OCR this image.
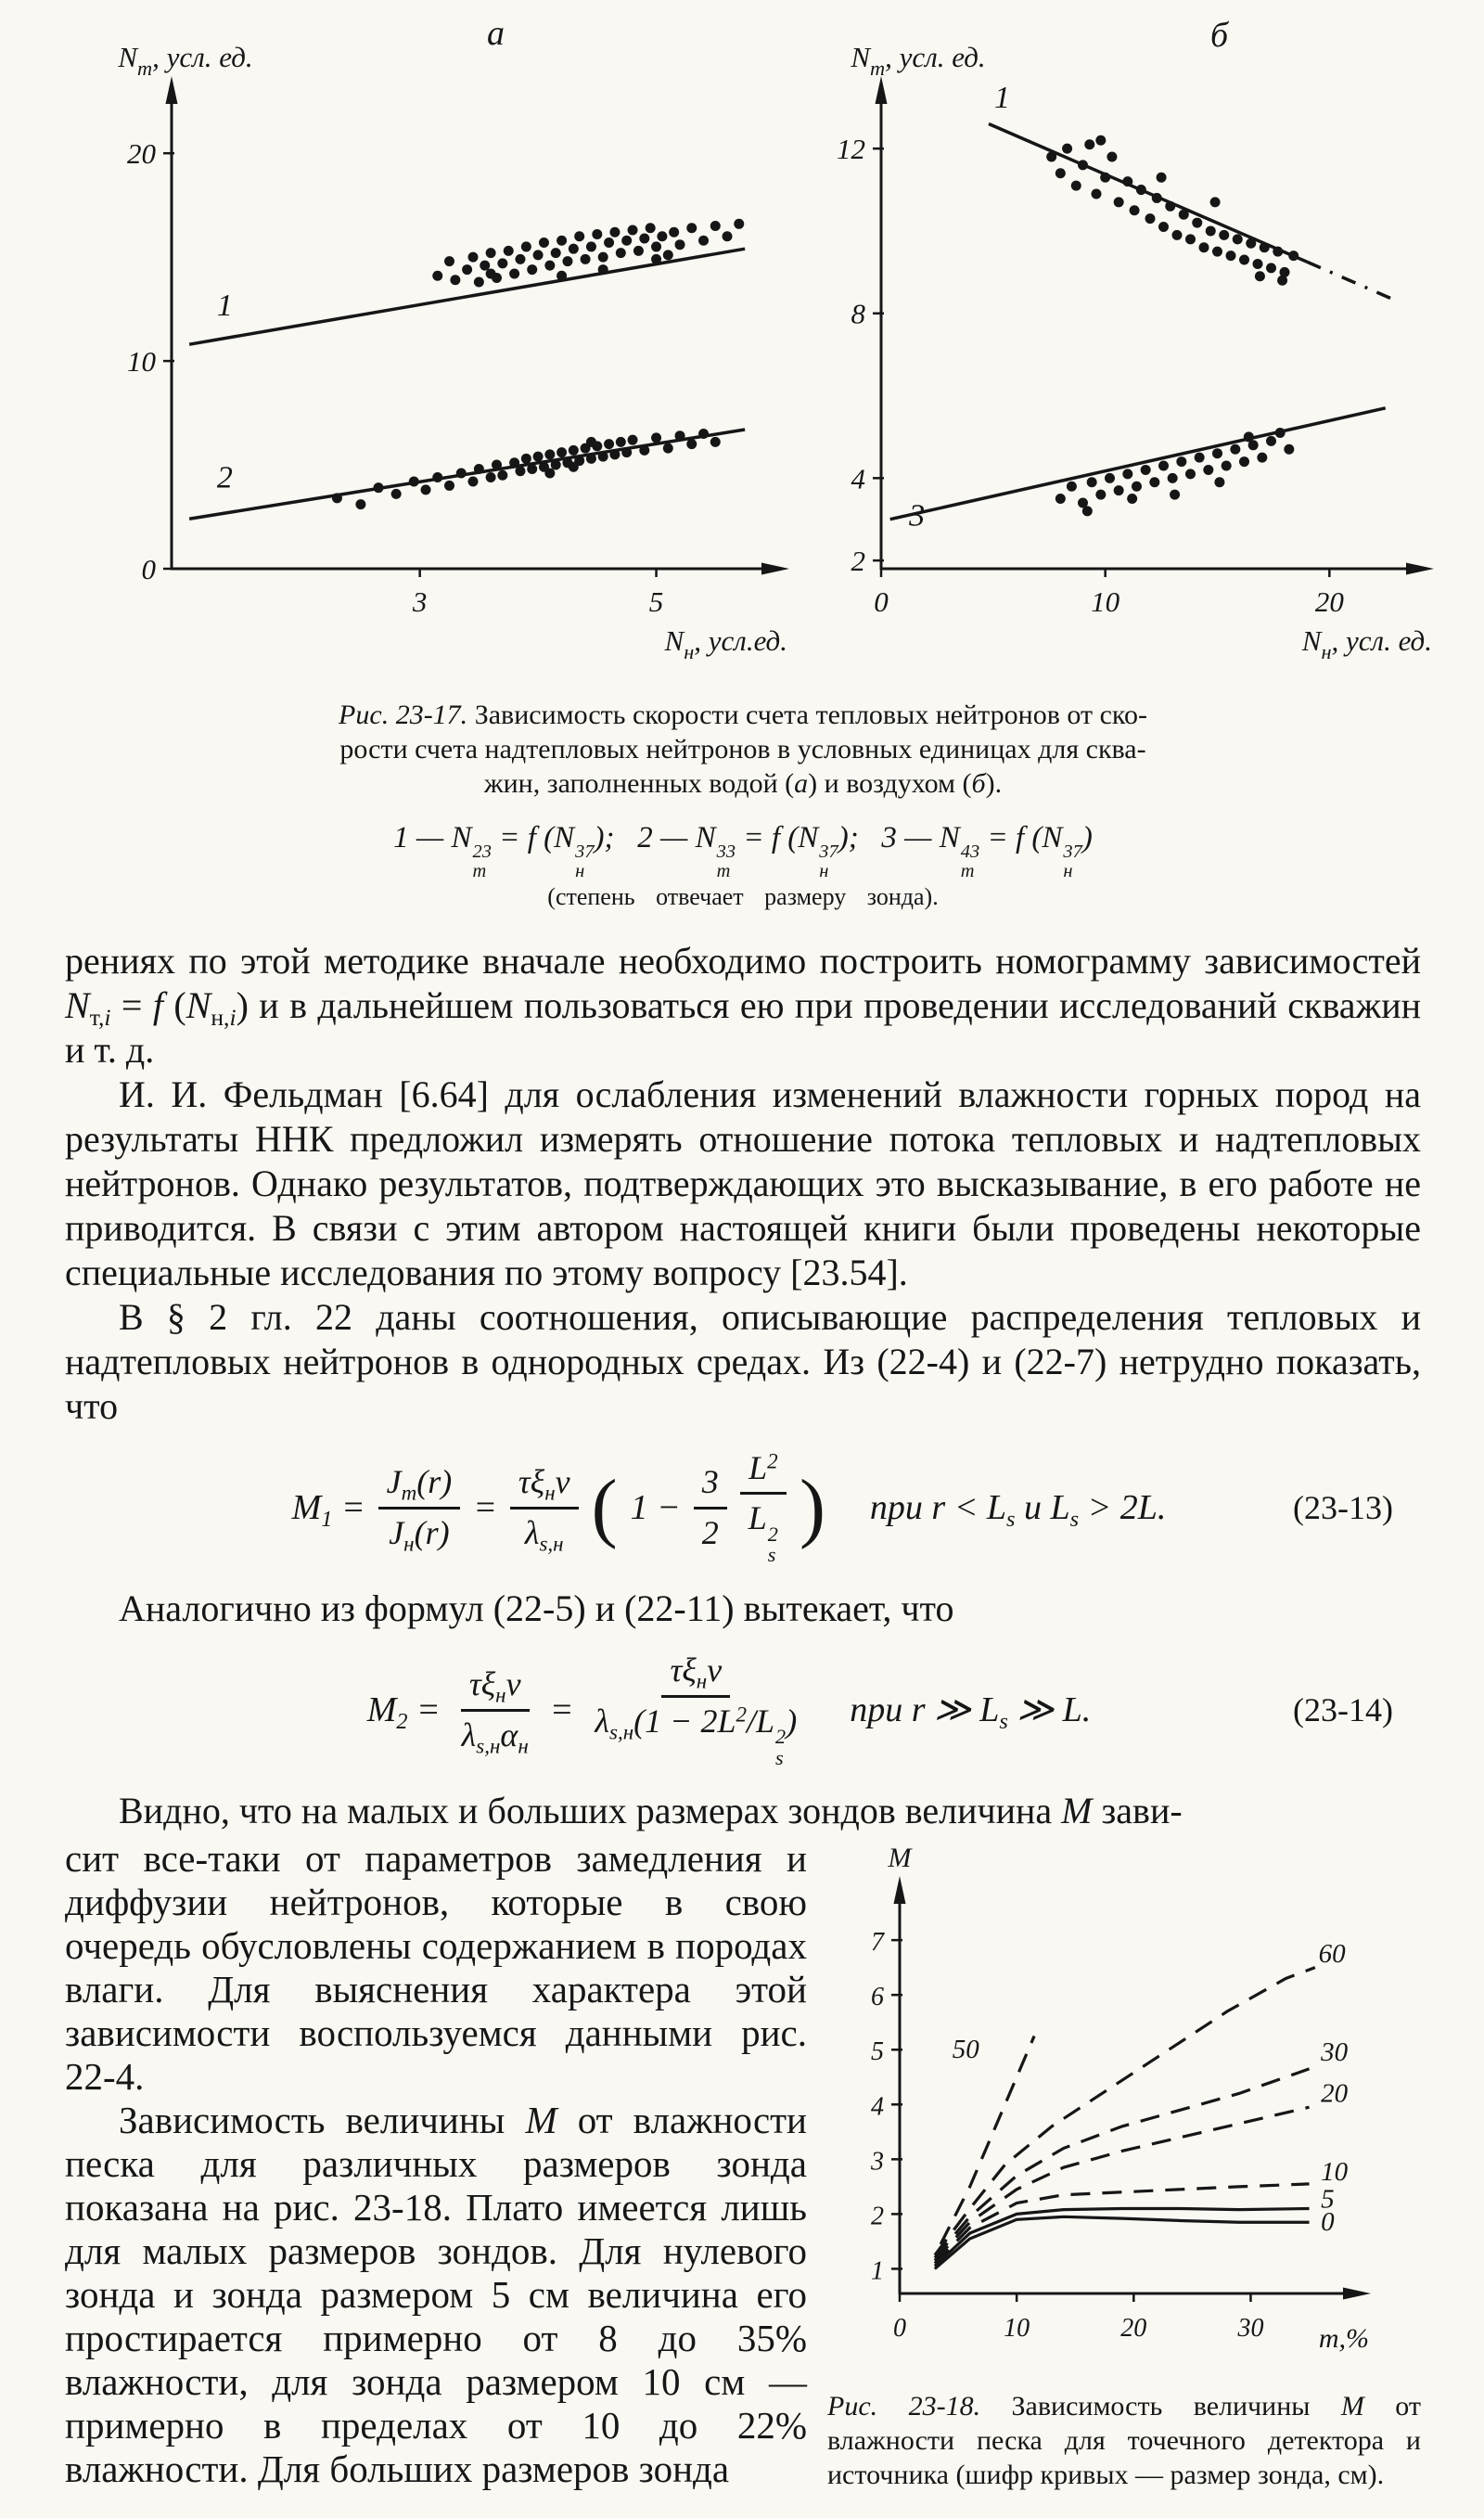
а	б
0
10
20
3	5
$N_т$, усл. ед.
$N_н$, усл.ед.
1
2
2
4
8
12
0	10	20
$N_т$, усл. ед.
$N_н$, усл. ед.
1
3
Рис. 23-17. Зависимость скорости счета тепловых нейтронов от ско-
рости счета надтепловых нейтронов в условных единицах для сква-
жин, заполненных водой (а) и воздухом (б).
1 — N 23
т
= f (N 37
н
);  2 — N 33
т
= f (N 37
н
);  3 — N 43
т
= f (N 37
н
)
(степень отвечает размеру зонда).

рениях по этой методике вначале необходимо построить номограмму зависимостей $N_{т,i} = f$ $(N_{н,i})$ и в дальнейшем пользоваться ею при проведении исследований скважин и т. д.

И. И. Фельдман [6.64] для ослабления изменений влажности горных пород на результаты ННК предложил измерять отношение потока тепловых и надтепловых нейтронов. Однако результатов, подтверждающих это высказывание, в его работе не приводится. В связи с этим автором настоящей книги были проведены некоторые специальные исследования по этому вопросу [23.54].

В § 2 гл. 22 даны соотношения, описывающие распределения тепловых и надтепловых нейтронов в однородных средах. Из (22-4) и (22-7) нетрудно показать, что

$M_1 = \frac{J_т(r)}{J_н(r)} = \frac{\tau\xi_нv}{\lambda_{s,н}}$ ( $1 - \frac{3}{2} L^2$
L 2
s ) при $r < L_s$ и $L_s > 2L$.	(23-13)

Аналогично из формул (22-5) и (22-11) вытекает, что

$M_2 = \frac{\tau\xi_нv}{\lambda_{s,н}\alpha_н} = \tau\xi_нv$
$\lambda_{s,н}(1 - 2L^2/L$ 2
s
) при r ≫ $L_s$ ≫ L.	(23-14)

Видно, что на малых и больших размерах зондов величина М зави-

сит все-таки от параметров замедления и диффузии нейтронов, которые в свою очередь обусловлены содержанием в породах влаги. Для выяснения характера этой зависимости воспользуемся данными рис. 22-4.

Зависимость величины М от влажности песка для различных размеров зонда показана на рис. 23-18. Плато имеется лишь для малых размеров зондов. Для нулевого зонда и зонда размером 5 см величина его простирается примерно от 8 до 35% влажности, для зонда размером 10 см — примерно в пределах от 10 до 22% влажности. Для больших размеров зонда

1
2
3
4
5
6
7
0	10	20	30
М
m,%
60
50	30
20
10
5
0
Рис. 23-18. Зависимость величины М от влажности песка для точечного детектора и источника (шифр кривых — размер зонда, см).
